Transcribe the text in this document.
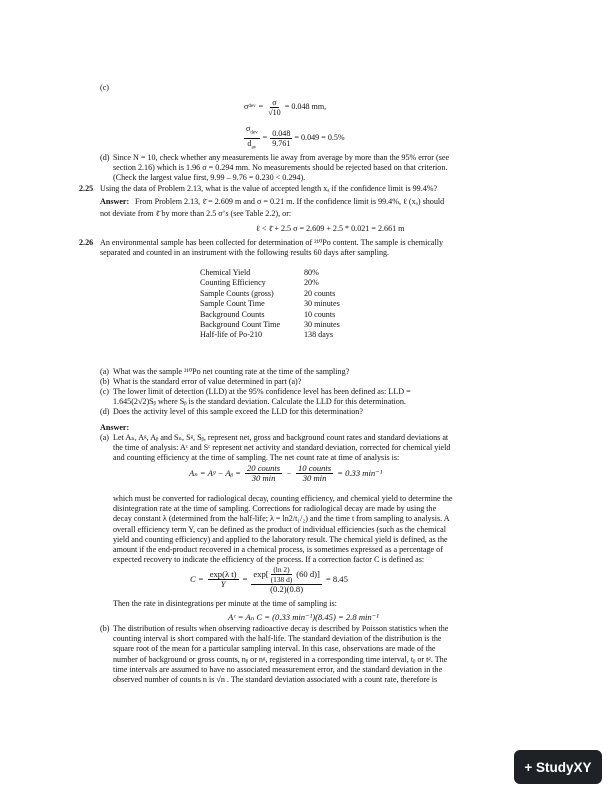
(c)
σ dev = $\frac{\sigma}{√10} = 0.048$ mm,
$\frac{\sigma_{dev}}{d_{av}} = \frac{0.048}{9.761} = 0.049 = 0.5\%$
(d) Since N = 10, check whether any measurements lie away from average by more than the 95% error (see
section 2.16) which is 1.96 σ = 0.294 mm. No measurements should be rejected based on that criterion.
(Check the largest value first, 9.99 – 9.76 = 0.230 < 0.294).
2.25 Using the data of Problem 2.13, what is the value of accepted length xₐ if the confidence limit is 99.4%?
Answer: From Problem 2.13, ℓ̄ = 2.609 m and σ = 0.21 m. If the confidence limit is 99.4%, ℓ (xₐ) should
not deviate from ℓ̄ by more than 2.5 σ’s (see Table 2.2), or:
ℓ < ℓ̄ + 2.5 σ = 2.609 + 2.5 * 0.021 = 2.661 m
2.26 An environmental sample has been collected for determination of ²¹⁰Po content. The sample is chemically
separated and counted in an instrument with the following results 60 days after sampling.
Chemical Yield	80%
Counting Efficiency	20%
Sample Counts (gross)	20 counts
Sample Count Time	30 minutes
Background Counts	10 counts
Background Count Time	30 minutes
Half-life of Po-210	138 days
(a) What was the sample ²¹⁰Po net counting rate at the time of the sampling?
(b) What is the standard error of value determined in part (a)?
(c) The lower limit of detection (LLD) at the 95% confidence level has been defined as: LLD =
1.645(2√2)Sᵦ where Sᵦ is the standard deviation. Calculate the LLD for this determination.
(d) Does the activity level of this sample exceed the LLD for this determination?
Answer:
(a) Let Aₙ, Aᵍ, Aᵦ and Sₙ, Sᵍ, Sᵦ, represent net, gross and background count rates and standard deviations at
the time of analysis: Aᶜ and Sᶜ represent net activity and standard deviation, corrected for chemical yield
and counting efficiency at the time of sampling. The net count rate at time of analysis is:
Aₙ = Aᵍ − Aᵦ = $\frac{\text{20 counts}}{30 \min} - \frac{\text{10 counts}}{30 \min} = 0.33$ min⁻¹
which must be converted for radiological decay, counting efficiency, and chemical yield to determine the
disintegration rate at the time of sampling. Corrections for radiological decay are made by using the
decay constant λ (determined from the half-life; λ = ln2/t₁/₂) and the time t from sampling to analysis. A
overall efficiency term Y, can be defined as the product of individual efficiencies (such as the chemical
yield and counting efficiency) and applied to the laboratory result. The chemical yield is defined, as the
amount if the end-product recovered in a chemical process, is sometimes expressed as a percentage of
expected recovery to indicate the efficiency of the process. If a correction factor C is defined as:
$C = \frac{\text{exp(λ t)}}{Y}$ =
$\exp[ \frac{(\ln 2)}{(138 d)} (60$ d)]
(0.2)(0.8)
= 8.45
Then the rate in disintegrations per minute at the time of sampling is:
Aᶜ = Aₙ C = (0.33 min⁻¹)(8.45) = 2.8 min⁻¹
(b) The distribution of results when observing radioactive decay is described by Poisson statistics when the
counting interval is short compared with the half-life. The standard deviation of the distribution is the
square root of the mean for a particular sampling interval. In this case, observations are made of the
number of background or gross counts, nᵦ or nᵍ, registered in a corresponding time interval, tᵦ or tᵍ. The
time intervals are assumed to have no associated measurement error, and the standard deviation in the
observed number of counts n is √n . The standard deviation associated with a count rate, therefore is
+ StudyXY
